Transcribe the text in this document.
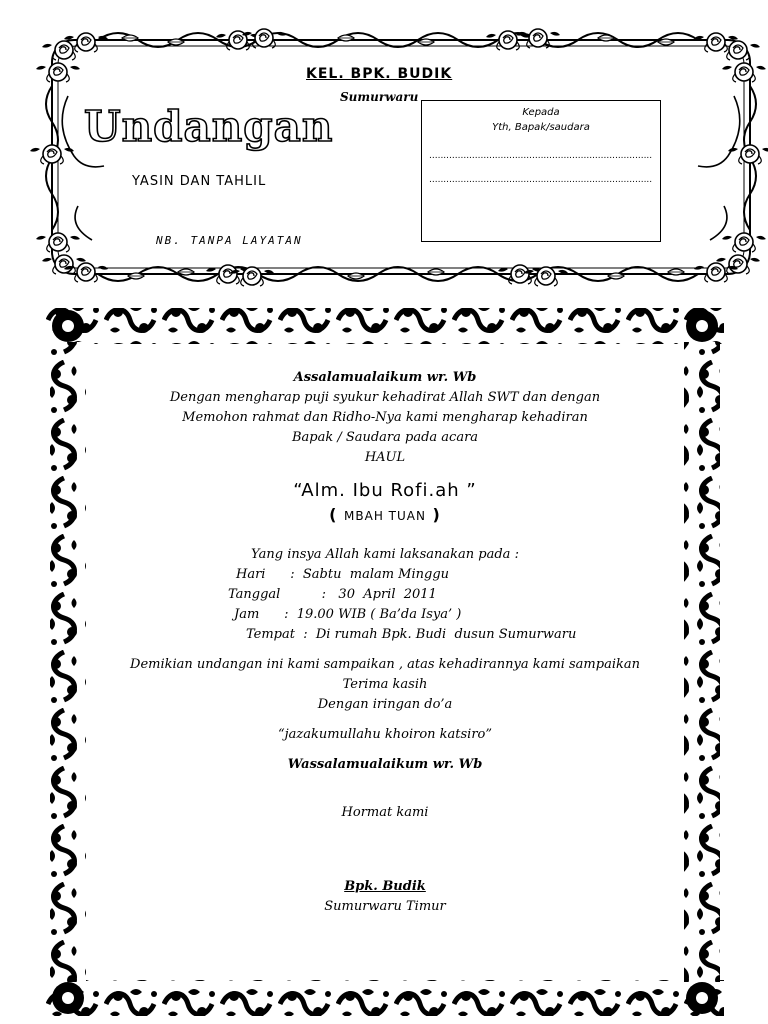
KEL. BPK. BUDIK
Sumurwaru
Undangan
YASIN DAN TAHLIL
NB. TANPA LAYATAN
Kepada
Yth, Bapak/saudara
..............................................................................
..............................................................................
Assalamualaikum wr. Wb
Dengan mengharap puji syukur kehadirat Allah SWT dan dengan
Memohon rahmat dan Ridho-Nya kami mengharap kehadiran
Bapak / Saudara pada acara
HAUL
“Alm. Ibu Rofi.ah ”
( MBAH TUAN )
Yang insya Allah kami laksanakan pada :
Hari      :  Sabtu  malam Minggu
Tanggal          :   30  April  2011
Jam      :  19.00 WIB ( Ba’da Isya’ )
Tempat  :  Di rumah Bpk. Budi  dusun Sumurwaru
Demikian undangan ini kami sampaikan , atas kehadirannya kami sampaikan
Terima kasih
Dengan iringan do’a
“jazakumullahu khoiron katsiro”
Wassalamualaikum wr. Wb
Hormat kami
Bpk. Budik
Sumurwaru Timur
